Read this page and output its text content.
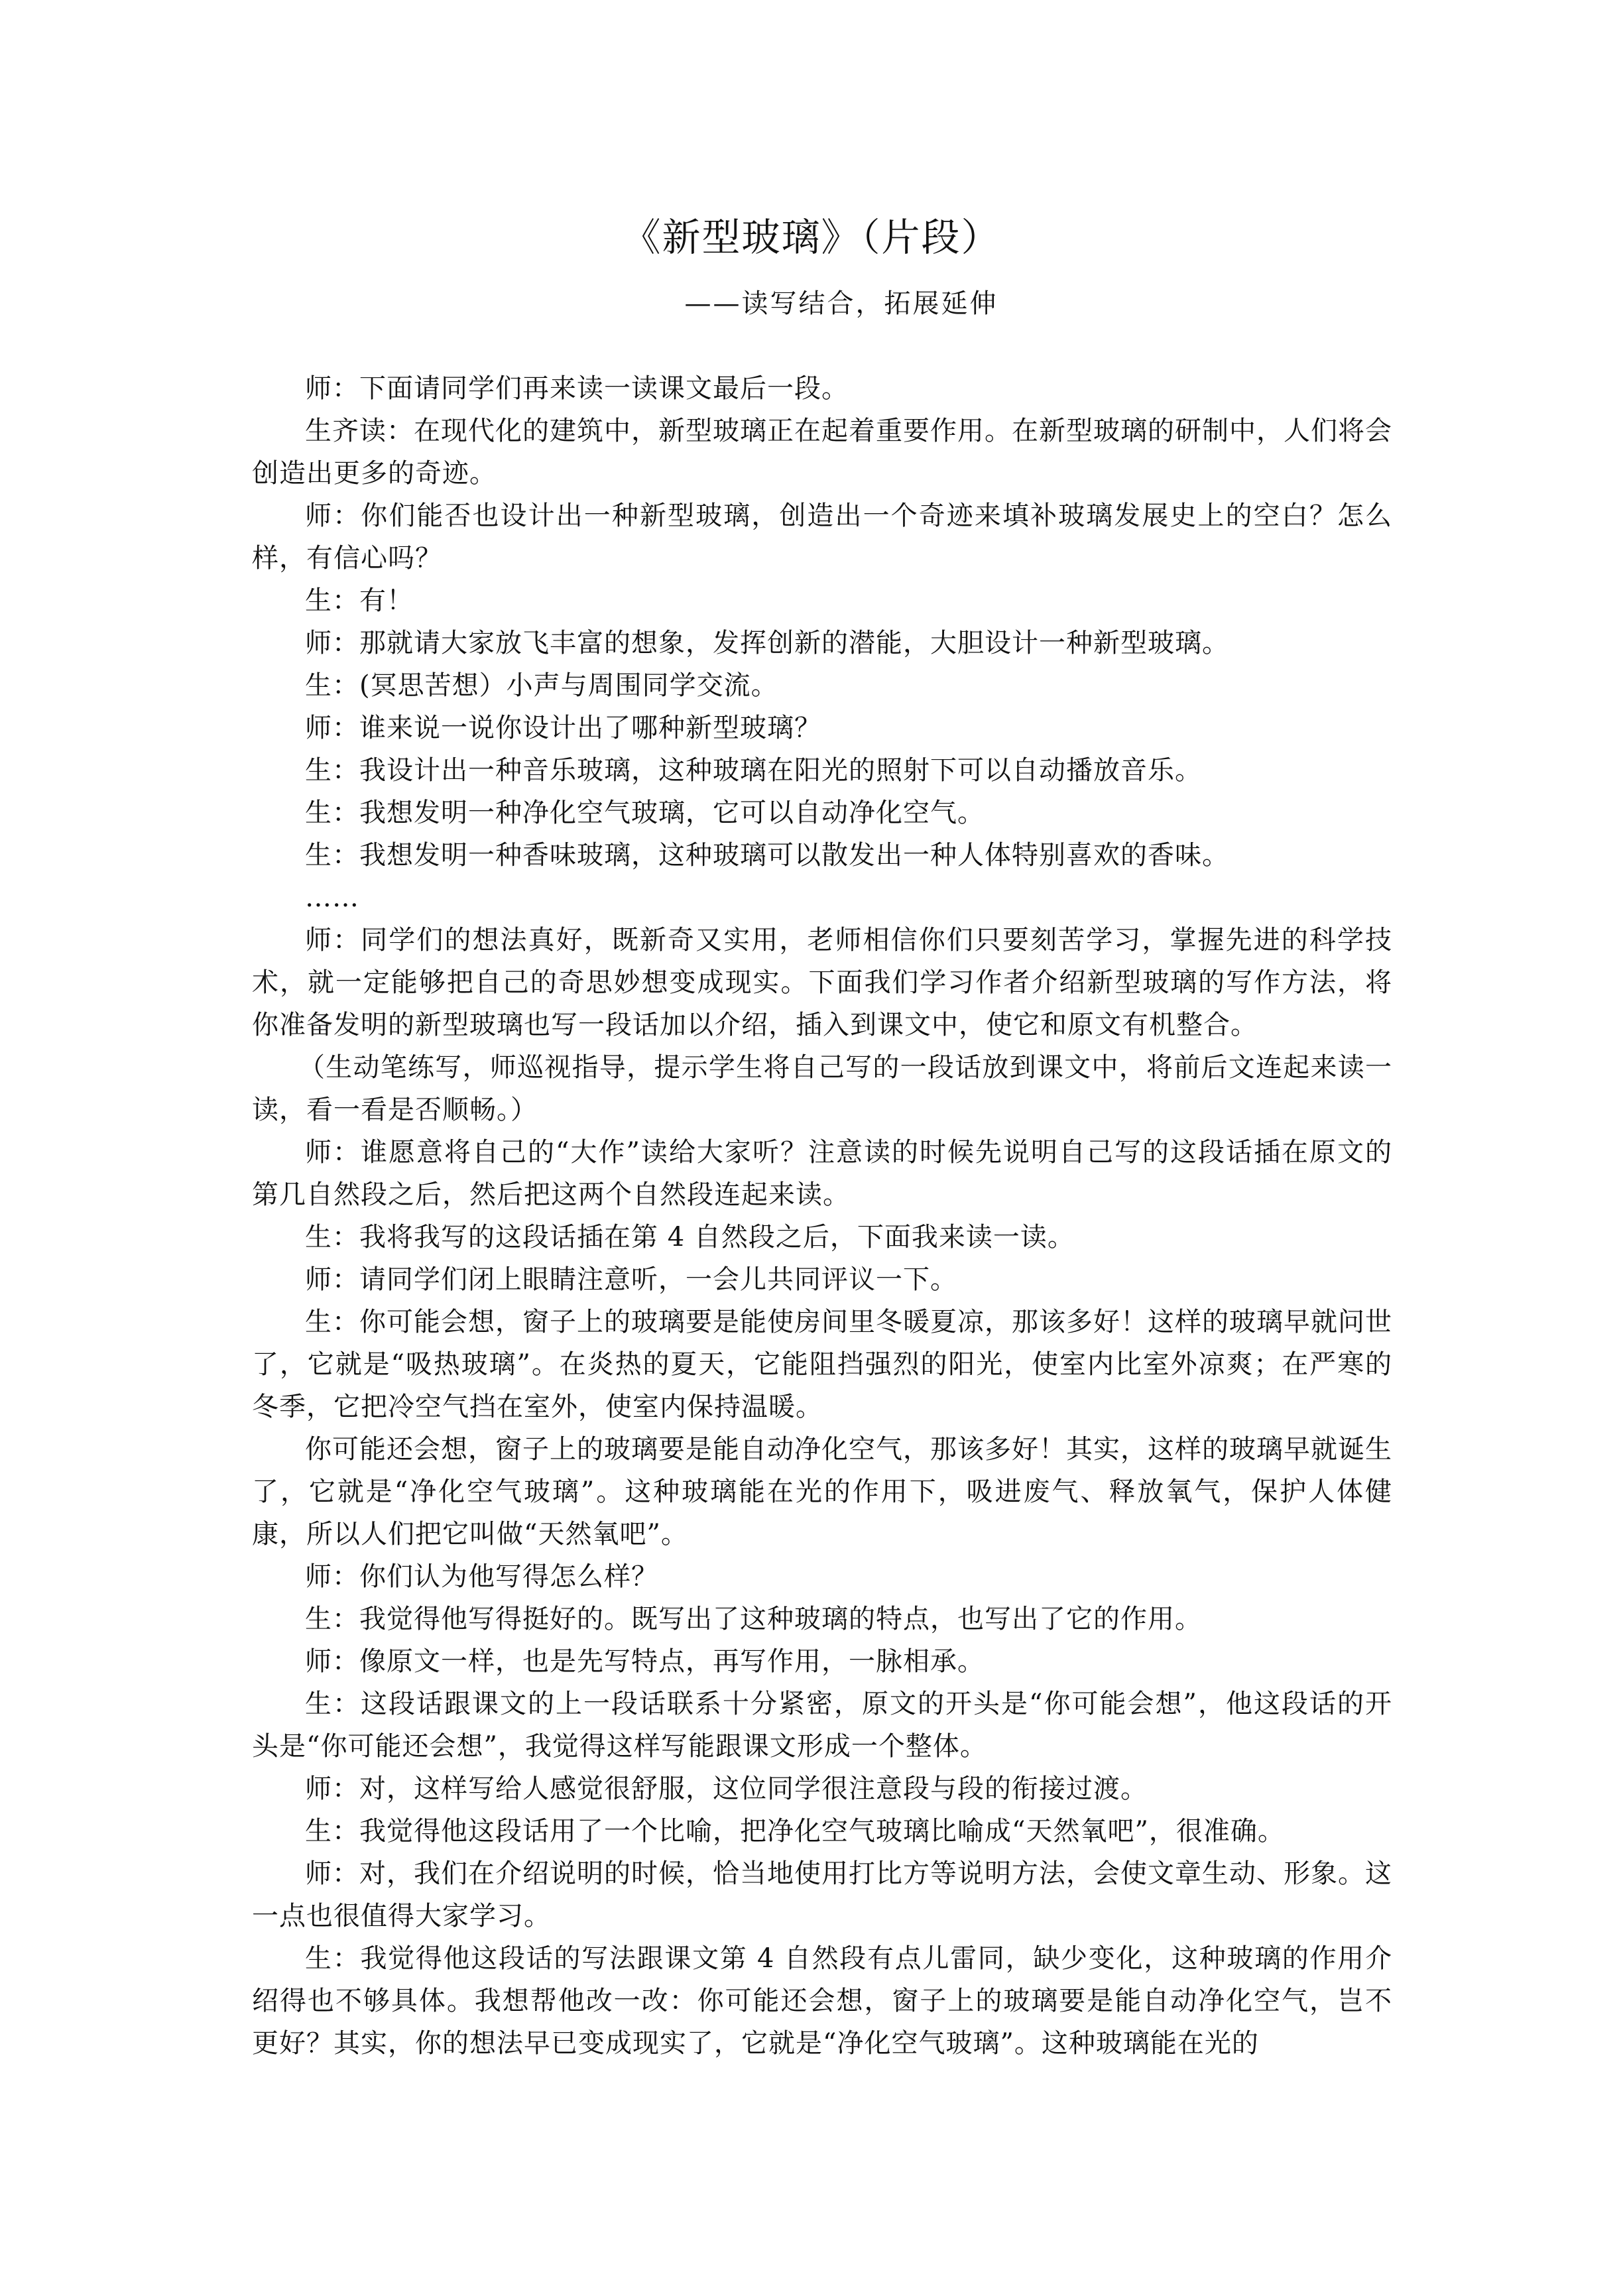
《新型玻璃》（片段）
——读写结合，拓展延伸

师：下面请同学们再来读一读课文最后一段。

生齐读：在现代化的建筑中，新型玻璃正在起着重要作用。在新型玻璃的研制中，人们将会创造出更多的奇迹。

师：你们能否也设计出一种新型玻璃，创造出一个奇迹来填补玻璃发展史上的空白？怎么样，有信心吗？

生：有！

师：那就请大家放飞丰富的想象，发挥创新的潜能，大胆设计一种新型玻璃。

生：(冥思苦想）小声与周围同学交流。

师：谁来说一说你设计出了哪种新型玻璃？

生：我设计出一种音乐玻璃，这种玻璃在阳光的照射下可以自动播放音乐。

生：我想发明一种净化空气玻璃，它可以自动净化空气。

生：我想发明一种香味玻璃，这种玻璃可以散发出一种人体特别喜欢的香味。

……

师：同学们的想法真好，既新奇又实用，老师相信你们只要刻苦学习，掌握先进的科学技术，就一定能够把自己的奇思妙想变成现实。下面我们学习作者介绍新型玻璃的写作方法，将你准备发明的新型玻璃也写一段话加以介绍，插入到课文中，使它和原文有机整合。

（生动笔练写，师巡视指导，提示学生将自己写的一段话放到课文中，将前后文连起来读一读，看一看是否顺畅。）

师：谁愿意将自己的“大作”读给大家听？注意读的时候先说明自己写的这段话插在原文的第几自然段之后，然后把这两个自然段连起来读。

生：我将我写的这段话插在第 4 自然段之后，下面我来读一读。

师：请同学们闭上眼睛注意听，一会儿共同评议一下。

生：你可能会想，窗子上的玻璃要是能使房间里冬暖夏凉，那该多好！这样的玻璃早就问世了，它就是“吸热玻璃”。在炎热的夏天，它能阻挡强烈的阳光，使室内比室外凉爽；在严寒的冬季，它把冷空气挡在室外，使室内保持温暖。

你可能还会想，窗子上的玻璃要是能自动净化空气，那该多好！其实，这样的玻璃早就诞生了，它就是“净化空气玻璃”。这种玻璃能在光的作用下，吸进废气、释放氧气，保护人体健康，所以人们把它叫做“天然氧吧”。

师：你们认为他写得怎么样？

生：我觉得他写得挺好的。既写出了这种玻璃的特点，也写出了它的作用。

师：像原文一样，也是先写特点，再写作用，一脉相承。

生：这段话跟课文的上一段话联系十分紧密，原文的开头是“你可能会想”，他这段话的开头是“你可能还会想”，我觉得这样写能跟课文形成一个整体。

师：对，这样写给人感觉很舒服，这位同学很注意段与段的衔接过渡。

生：我觉得他这段话用了一个比喻，把净化空气玻璃比喻成“天然氧吧”，很准确。

师：对，我们在介绍说明的时候，恰当地使用打比方等说明方法，会使文章生动、形象。这一点也很值得大家学习。

生：我觉得他这段话的写法跟课文第 4 自然段有点儿雷同，缺少变化，这种玻璃的作用介绍得也不够具体。我想帮他改一改：你可能还会想，窗子上的玻璃要是能自动净化空气，岂不更好？其实，你的想法早已变成现实了，它就是“净化空气玻璃”。这种玻璃能在光的
